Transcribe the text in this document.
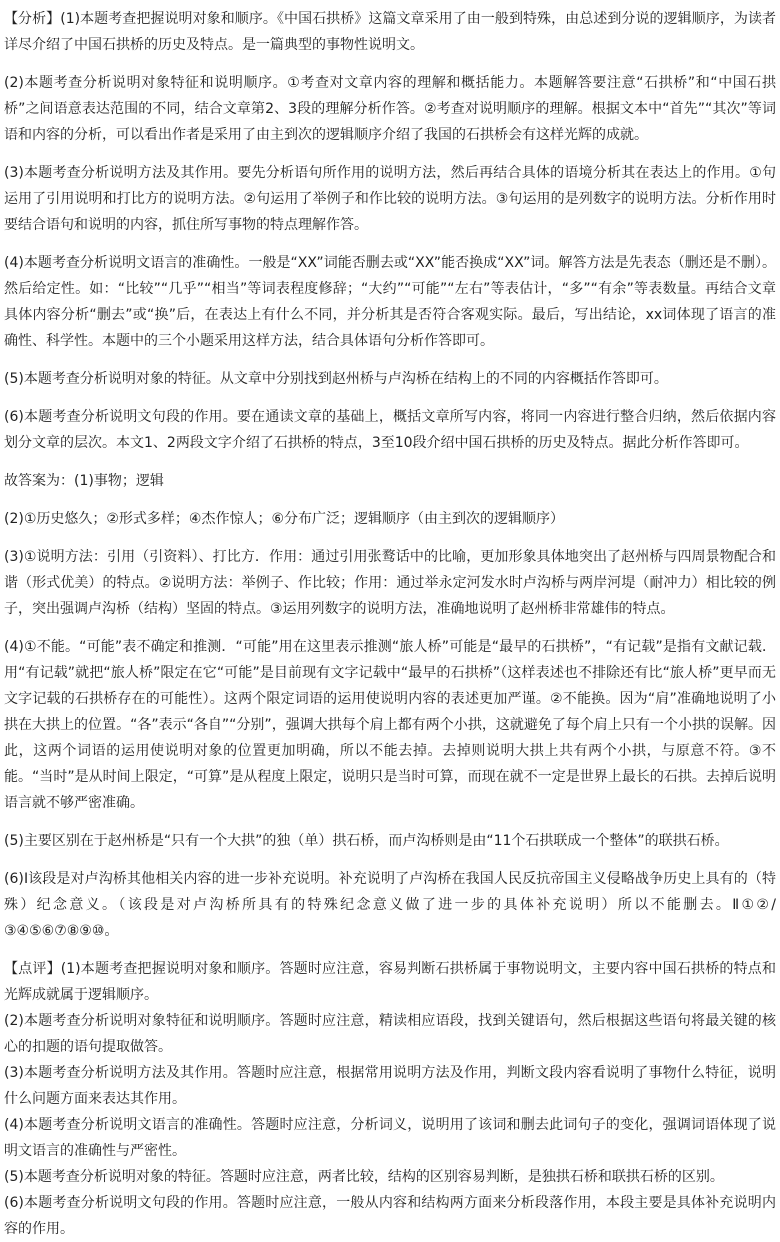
【分析】(1)本题考查把握说明对象和顺序。《中国石拱桥》这篇文章采用了由一般到特殊，由总述到分说的逻辑顺序，为读者详尽介绍了中国石拱桥的历史及特点。是一篇典型的事物性说明文。

(2)本题考查分析说明对象特征和说明顺序。①考查对文章内容的理解和概括能力。本题解答要注意“石拱桥”和“中国石拱桥”之间语意表达范围的不同，结合文章第2、3段的理解分析作答。②考查对说明顺序的理解。根据文本中“首先”“其次”等词语和内容的分析，可以看出作者是采用了由主到次的逻辑顺序介绍了我国的石拱桥会有这样光辉的成就。

(3)本题考查分析说明方法及其作用。要先分析语句所作用的说明方法，然后再结合具体的语境分析其在表达上的作用。①句运用了引用说明和打比方的说明方法。②句运用了举例子和作比较的说明方法。③句运用的是列数字的说明方法。分析作用时要结合语句和说明的内容，抓住所写事物的特点理解作答。

(4)本题考查分析说明文语言的准确性。一般是“XX”词能否删去或“XX”能否换成“XX”词。解答方法是先表态（删还是不删）。然后给定性。如：“比较”“几乎”“相当”等词表程度修辞；“大约”“可能”“左右”等表估计，“多”“有余”等表数量。再结合文章具体内容分析“删去”或“换”后，在表达上有什么不同，并分析其是否符合客观实际。最后，写出结论，xx词体现了语言的准确性、科学性。本题中的三个小题采用这样方法，结合具体语句分析作答即可。

(5)本题考查分析说明对象的特征。从文章中分别找到赵州桥与卢沟桥在结构上的不同的内容概括作答即可。

(6)本题考查分析说明文句段的作用。要在通读文章的基础上，概括文章所写内容，将同一内容进行整合归纳，然后依据内容划分文章的层次。本文1、2两段文字介绍了石拱桥的特点，3至10段介绍中国石拱桥的历史及特点。据此分析作答即可。

故答案为：(1)事物；逻辑

(2)①历史悠久；②形式多样；④杰作惊人；⑥分布广泛；逻辑顺序（由主到次的逻辑顺序）

(3)①说明方法：引用（引资料）、打比方．作用：通过引用张鹜话中的比喻，更加形象具体地突出了赵州桥与四周景物配合和谐（形式优美）的特点。②说明方法：举例子、作比较；作用：通过举永定河发水时卢沟桥与两岸河堤（耐冲力）相比较的例子，突出强调卢沟桥（结构）坚固的特点。③运用列数字的说明方法，准确地说明了赵州桥非常雄伟的特点。

(4)①不能。“可能”表不确定和推测．“可能”用在这里表示推测“旅人桥”可能是“最早的石拱桥”，“有记载”是指有文献记载．用“有记载”就把“旅人桥”限定在它“可能”是目前现有文字记载中“最早的石拱桥”（这样表述也不排除还有比“旅人桥”更早而无文字记载的石拱桥存在的可能性）。这两个限定词语的运用使说明内容的表述更加严谨。②不能换。因为“肩”准确地说明了小拱在大拱上的位置。“各”表示“各自”“分别”，强调大拱每个肩上都有两个小拱，这就避免了每个肩上只有一个小拱的误解。因此，这两个词语的运用使说明对象的位置更加明确，所以不能去掉。去掉则说明大拱上共有两个小拱，与原意不符。③不能。“当时”是从时间上限定，“可算”是从程度上限定，说明只是当时可算，而现在就不一定是世界上最长的石拱。去掉后说明语言就不够严密准确。

(5)主要区别在于赵州桥是“只有一个大拱”的独（单）拱石桥，而卢沟桥则是由“11个石拱联成一个整体”的联拱石桥。

(6)Ⅰ该段是对卢沟桥其他相关内容的进一步补充说明。补充说明了卢沟桥在我国人民反抗帝国主义侵略战争历史上具有的（特殊）纪念意义。（该段是对卢沟桥所具有的特殊纪念意义做了进一步的具体补充说明）所以不能删去。Ⅱ①②/③④⑤⑥⑦⑧⑨⑩。

【点评】(1)本题考查把握说明对象和顺序。答题时应注意，容易判断石拱桥属于事物说明文，主要内容中国石拱桥的特点和光辉成就属于逻辑顺序。

(2)本题考查分析说明对象特征和说明顺序。答题时应注意，精读相应语段，找到关键语句，然后根据这些语句将最关键的核心的扣题的语句提取做答。

(3)本题考查分析说明方法及其作用。答题时应注意，根据常用说明方法及作用，判断文段内容看说明了事物什么特征，说明什么问题方面来表达其作用。

(4)本题考查分析说明文语言的准确性。答题时应注意，分析词义，说明用了该词和删去此词句子的变化，强调词语体现了说明文语言的准确性与严密性。

(5)本题考查分析说明对象的特征。答题时应注意，两者比较，结构的区别容易判断，是独拱石桥和联拱石桥的区别。

(6)本题考查分析说明文句段的作用。答题时应注意，一般从内容和结构两方面来分析段落作用，本段主要是具体补充说明内容的作用。
